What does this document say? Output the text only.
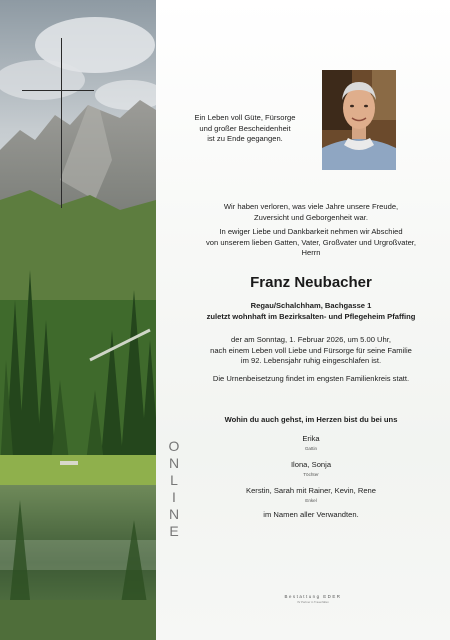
O
N
L
I
N
E
Ein Leben voll Güte, Fürsorge
und großer Bescheidenheit
ist zu Ende gegangen.
Wir haben verloren, was viele Jahre unsere Freude,
Zuversicht und Geborgenheit war.
In ewiger Liebe und Dankbarkeit nehmen wir Abschied
von unserem lieben Gatten, Vater, Großvater und Urgroßvater,
Herrn
Franz Neubacher
Regau/Schalchham, Bachgasse 1
zuletzt wohnhaft im Bezirksalten- und Pflegeheim Pfaffing
der am Sonntag, 1. Februar 2026, um 5.00 Uhr,
nach einem Leben voll Liebe und Fürsorge für seine Familie
im 92. Lebensjahr ruhig eingeschlafen ist.
Die Urnenbeisetzung findet im engsten Familienkreis statt.
Wohin du auch gehst, im Herzen bist du bei uns
Erika
Gattin
Ilona, Sonja
Töchter
Kerstin, Sarah mit Rainer, Kevin, Rene
Enkel
im Namen aller Verwandten.
Bestattung EDER
Ihr Partner in Trauerfällen
